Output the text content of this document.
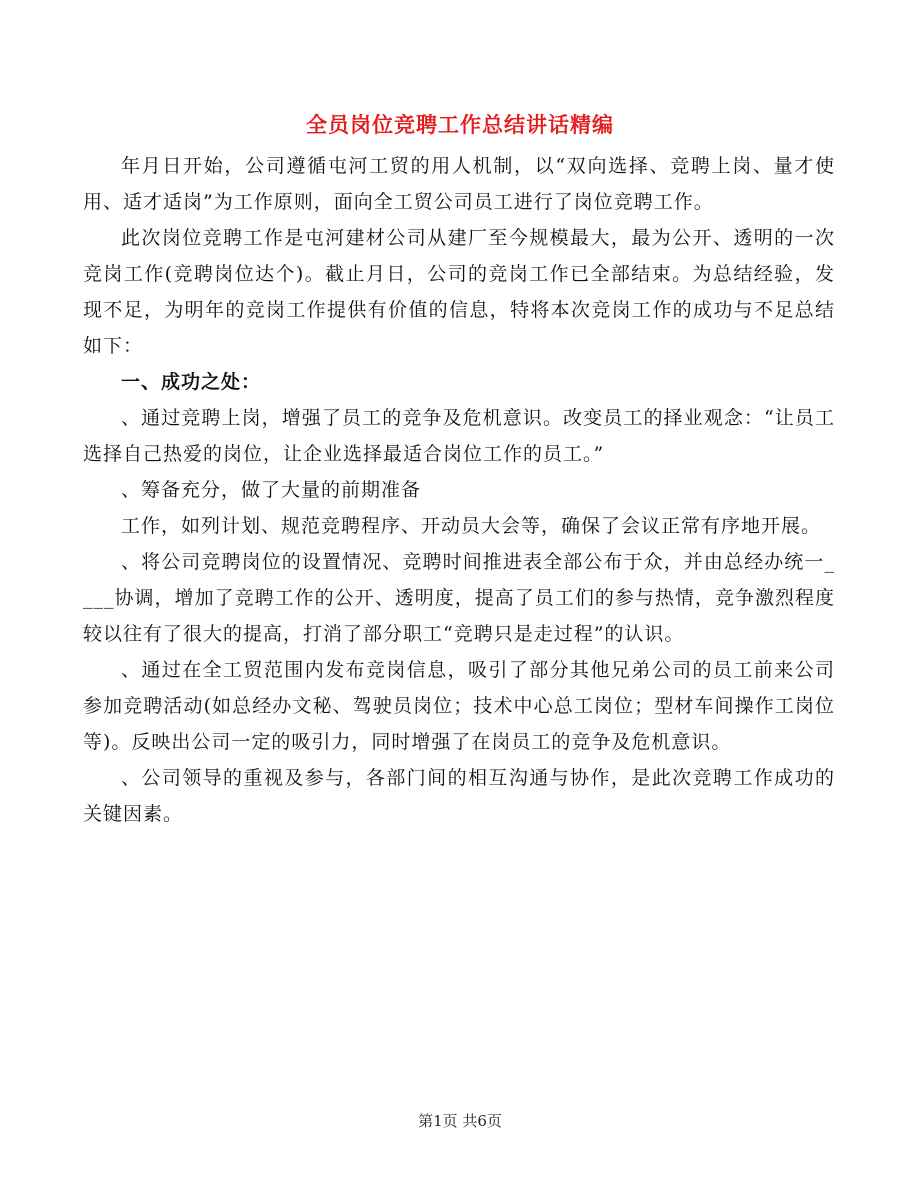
全员岗位竞聘工作总结讲话精编

年月日开始，公司遵循屯河工贸的用人机制，以“双向选择、竞聘上岗、量才使用、适才适岗”为工作原则，面向全工贸公司员工进行了岗位竞聘工作。

此次岗位竞聘工作是屯河建材公司从建厂至今规模最大，最为公开、透明的一次竞岗工作(竞聘岗位达个)。截止月日，公司的竞岗工作已全部结束。为总结经验，发现不足，为明年的竞岗工作提供有价值的信息，特将本次竞岗工作的成功与不足总结如下：

一、成功之处：

、通过竞聘上岗，增强了员工的竞争及危机意识。改变员工的择业观念：“让员工选择自己热爱的岗位，让企业选择最适合岗位工作的员工。”

、筹备充分，做了大量的前期准备

工作，如列计划、规范竞聘程序、开动员大会等，确保了会议正常有序地开展。

、将公司竞聘岗位的设置情况、竞聘时间推进表全部公布于众，并由总经办统一____协调，增加了竞聘工作的公开、透明度，提高了员工们的参与热情，竞争激烈程度较以往有了很大的提高，打消了部分职工“竞聘只是走过程”的认识。

、通过在全工贸范围内发布竞岗信息，吸引了部分其他兄弟公司的员工前来公司参加竞聘活动(如总经办文秘、驾驶员岗位；技术中心总工岗位；型材车间操作工岗位等)。反映出公司一定的吸引力，同时增强了在岗员工的竞争及危机意识。

、公司领导的重视及参与，各部门间的相互沟通与协作，是此次竞聘工作成功的关键因素。

第1页 共6页
